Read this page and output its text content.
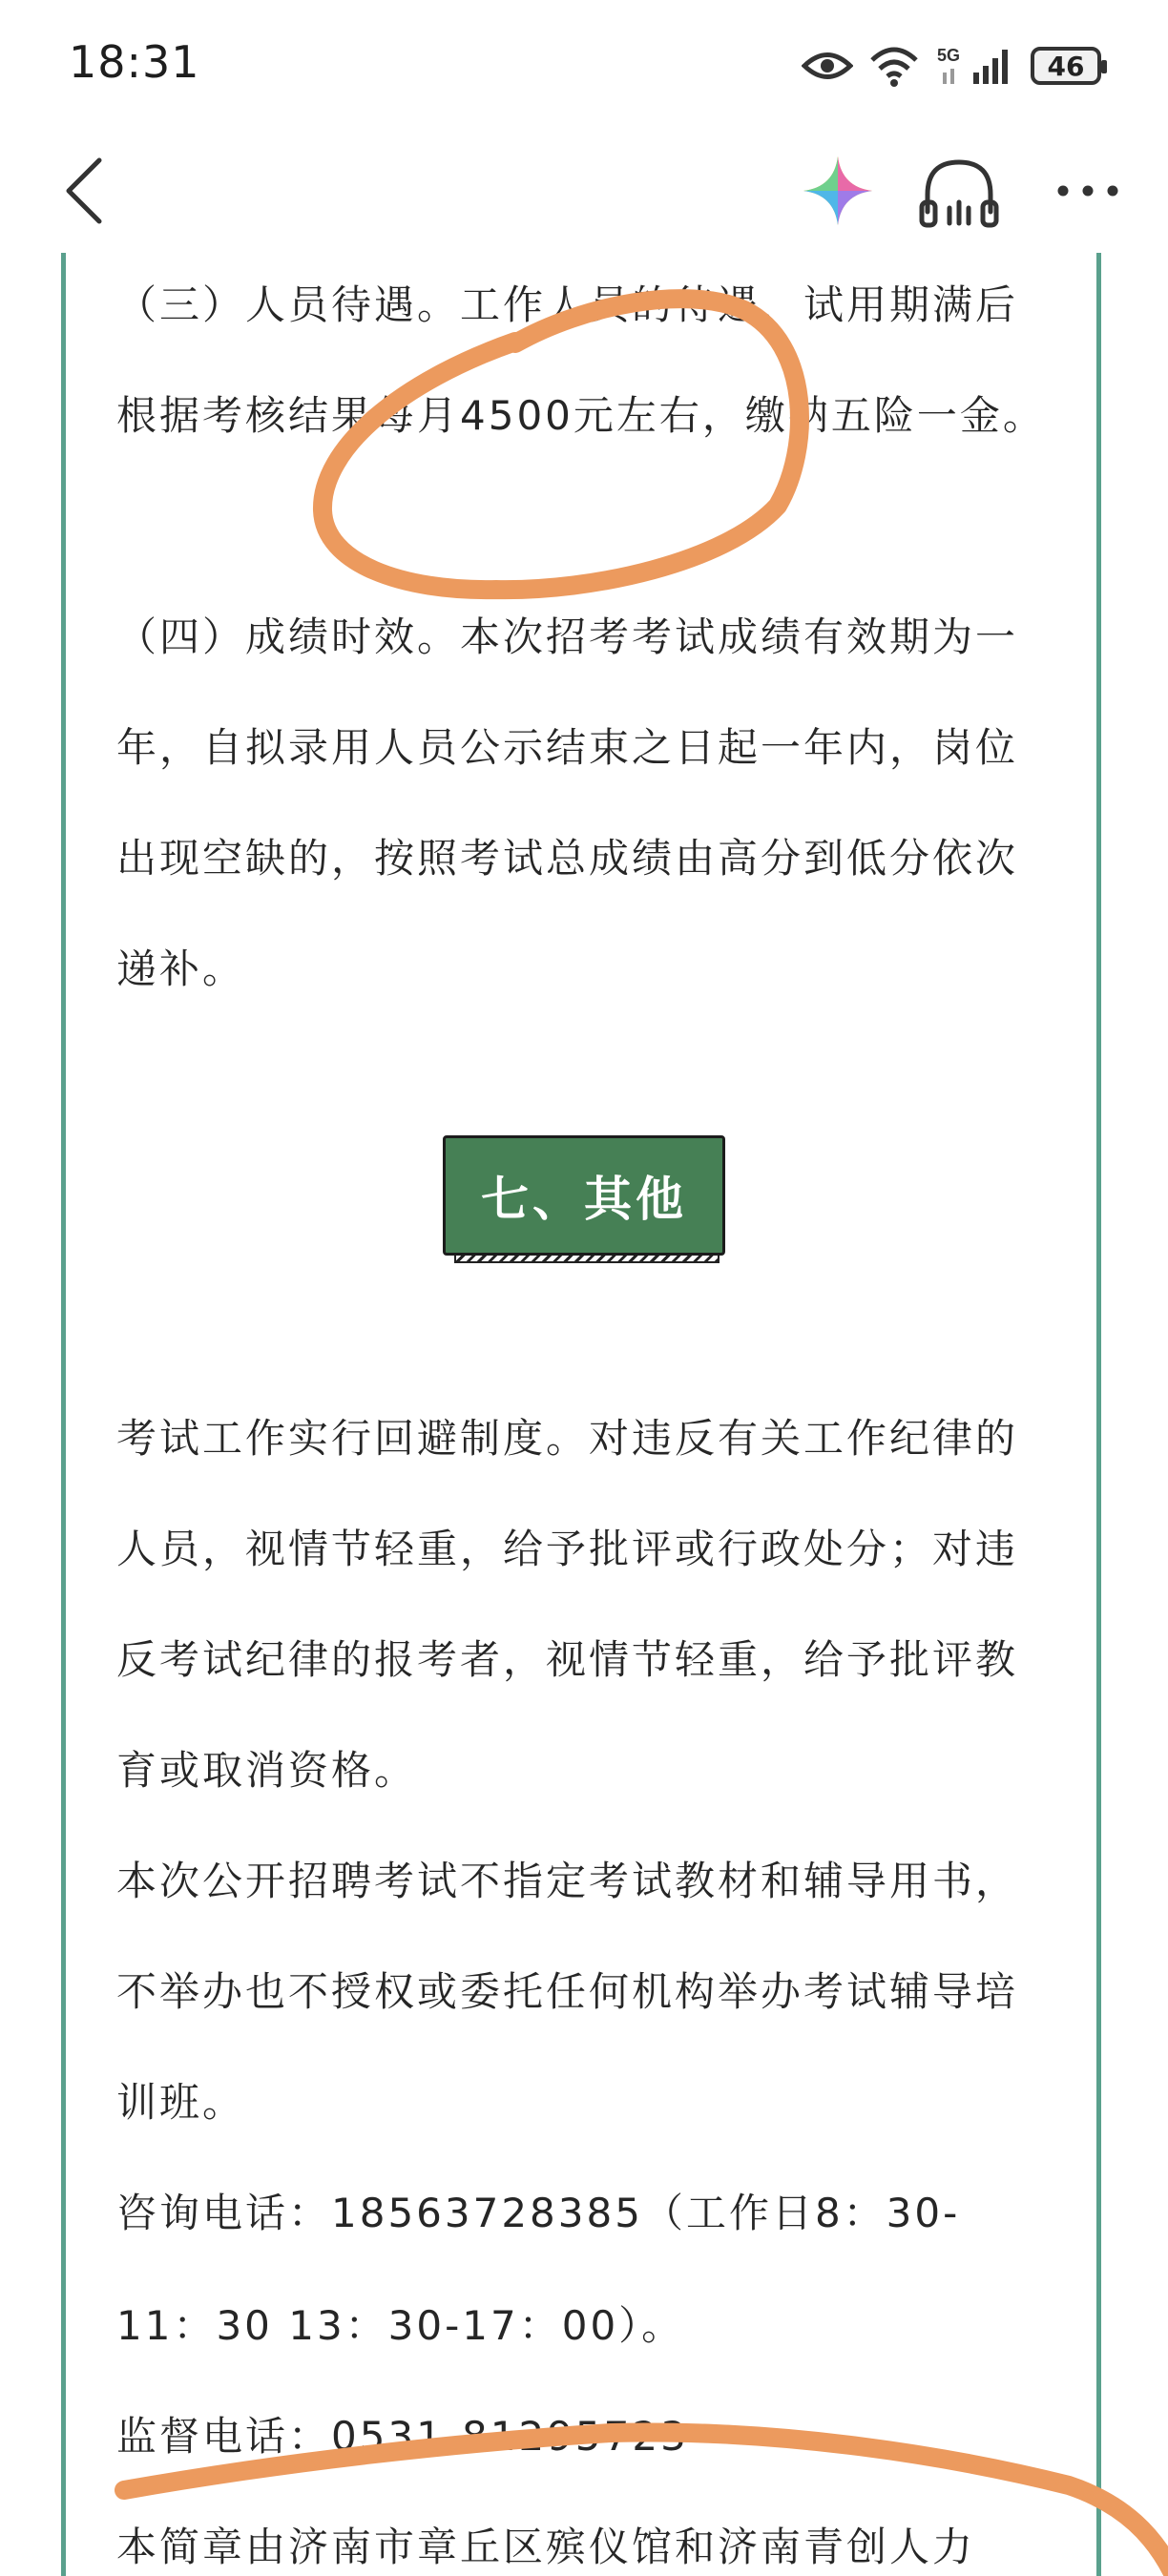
18:31	5G	46

（三）人员待遇。工作人员的待遇，试用期满后根据考核结果每月4500元左右，缴纳五险一金。

（四）成绩时效。本次招考考试成绩有效期为一年，自拟录用人员公示结束之日起一年内，岗位出现空缺的，按照考试总成绩由高分到低分依次递补。

七、其他

考试工作实行回避制度。对违反有关工作纪律的人员，视情节轻重，给予批评或行政处分；对违反考试纪律的报考者，视情节轻重，给予批评教育或取消资格。

本次公开招聘考试不指定考试教材和辅导用书，不举办也不授权或委托任何机构举办考试辅导培训班。

咨询电话：18563728385（工作日8：30-

11：30 13：30-17：00）。

监督电话：0531-81295723

本简章由济南市章丘区殡仪馆和济南青创人力
